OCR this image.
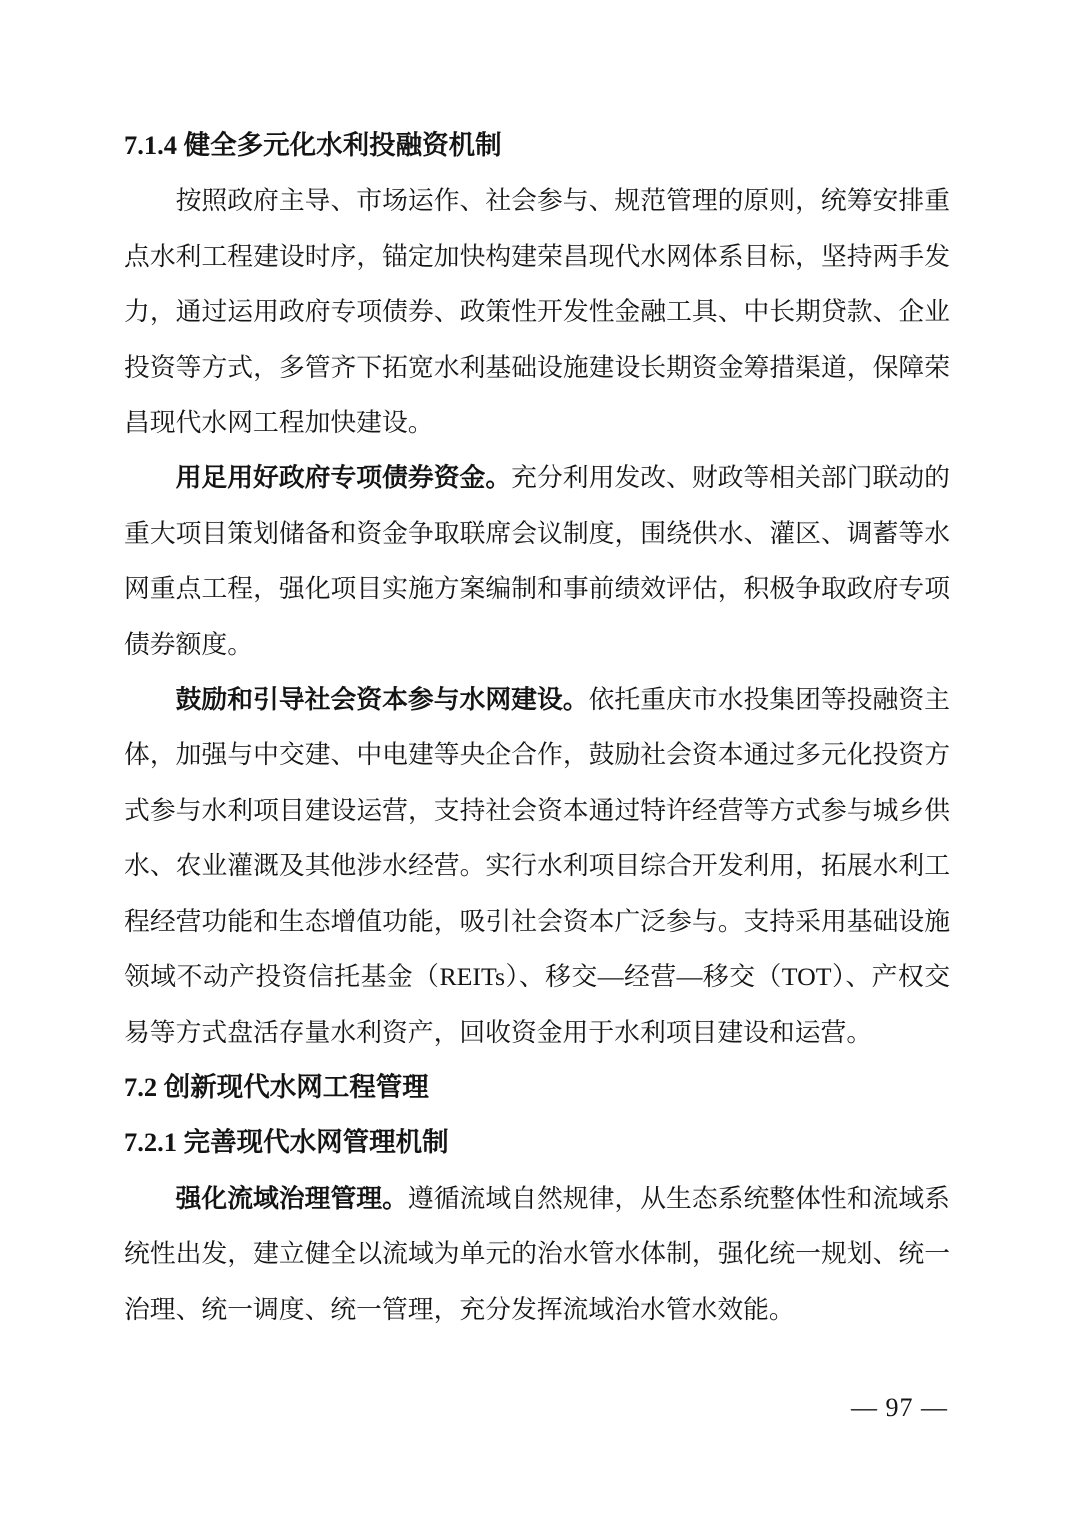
7.1.4 健全多元化水利投融资机制

按照政府主导、市场运作、社会参与、规范管理的原则，统筹安排重点水利工程建设时序，锚定加快构建荣昌现代水网体系目标，坚持两手发力，通过运用政府专项债券、政策性开发性金融工具、中长期贷款、企业投资等方式，多管齐下拓宽水利基础设施建设长期资金筹措渠道，保障荣昌现代水网工程加快建设。

用足用好政府专项债券资金。充分利用发改、财政等相关部门联动的重大项目策划储备和资金争取联席会议制度，围绕供水、灌区、调蓄等水网重点工程，强化项目实施方案编制和事前绩效评估，积极争取政府专项债券额度。

鼓励和引导社会资本参与水网建设。依托重庆市水投集团等投融资主体，加强与中交建、中电建等央企合作，鼓励社会资本通过多元化投资方式参与水利项目建设运营，支持社会资本通过特许经营等方式参与城乡供水、农业灌溉及其他涉水经营。实行水利项目综合开发利用，拓展水利工程经营功能和生态增值功能，吸引社会资本广泛参与。支持采用基础设施领域不动产投资信托基金（REITs）、移交—经营—移交（TOT）、产权交易等方式盘活存量水利资产，回收资金用于水利项目建设和运营。

7.2 创新现代水网工程管理
7.2.1 完善现代水网管理机制

强化流域治理管理。遵循流域自然规律，从生态系统整体性和流域系统性出发，建立健全以流域为单元的治水管水体制，强化统一规划、统一治理、统一调度、统一管理，充分发挥流域治水管水效能。

— 97 —
